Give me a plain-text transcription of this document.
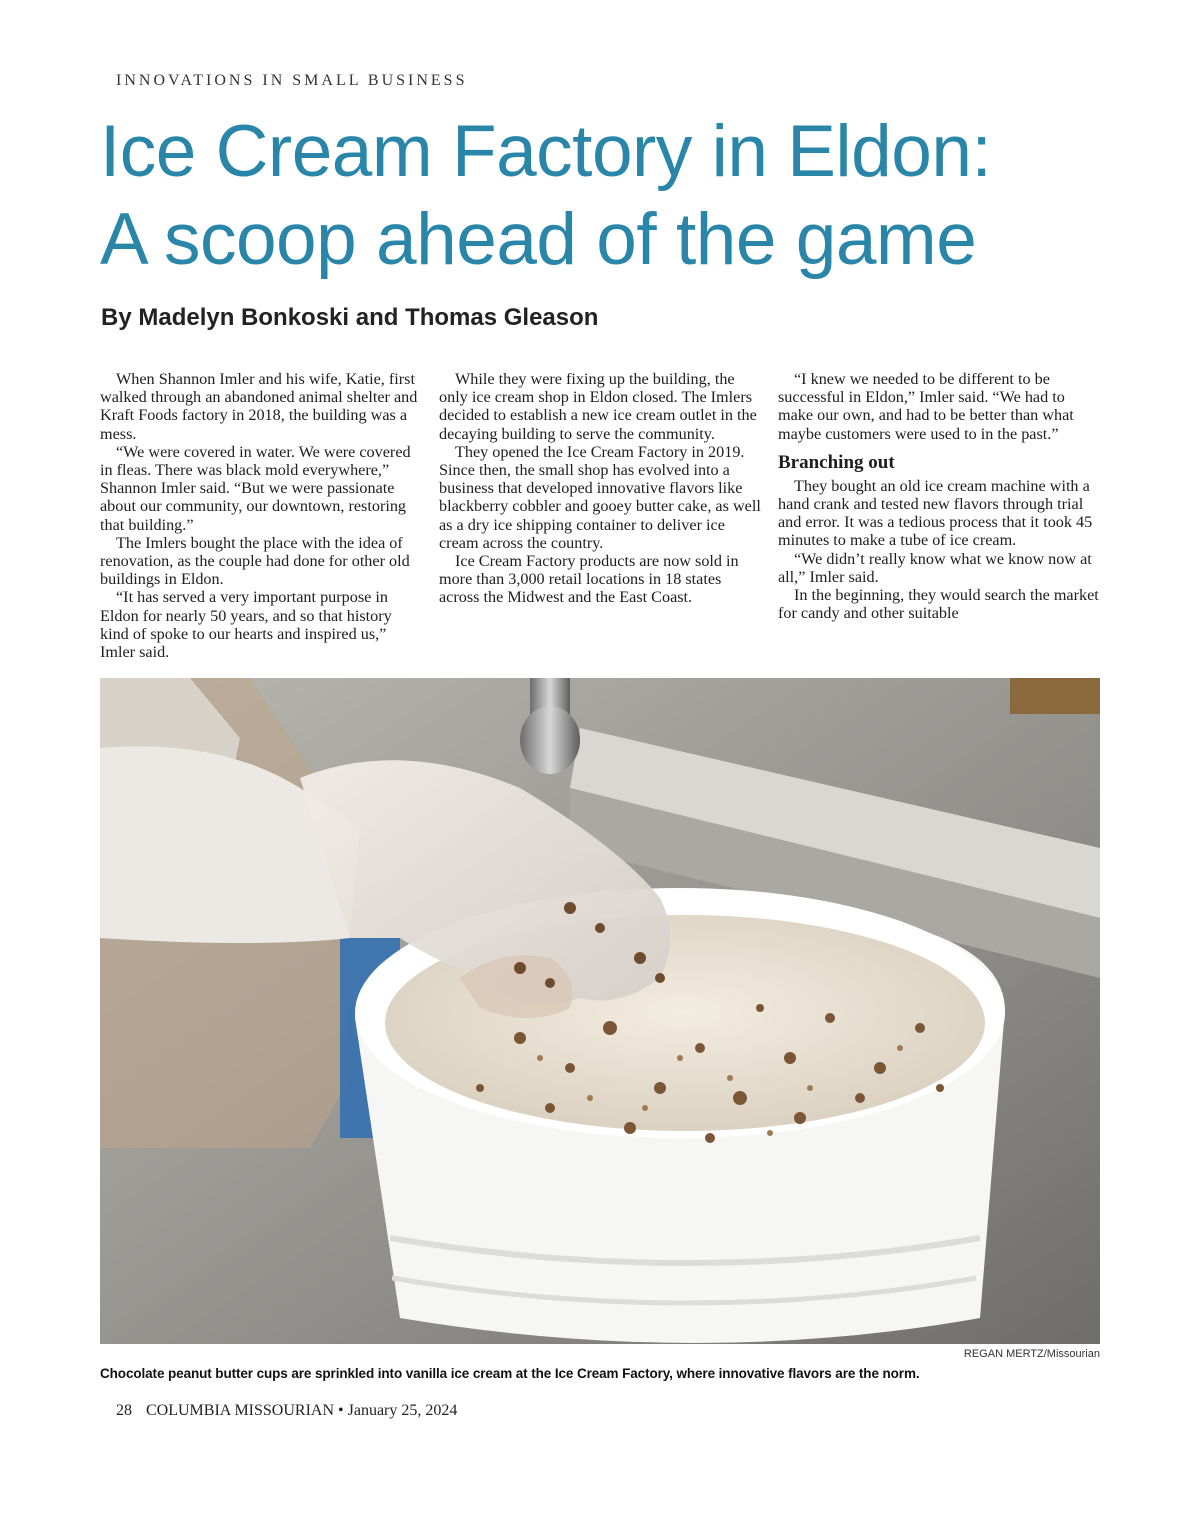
INNOVATIONS IN SMALL BUSINESS
Ice Cream Factory in Eldon:
A scoop ahead of the game
By Madelyn Bonkoski and Thomas Gleason

When Shannon Imler and his wife, Katie, first walked through an abandoned animal shelter and Kraft Foods factory in 2018, the building was a mess.

“We were covered in water. We were covered in fleas. There was black mold everywhere,” Shannon Imler said. “But we were passionate about our community, our downtown, restoring that building.”

The Imlers bought the place with the idea of renovation, as the couple had done for other old buildings in Eldon.

“It has served a very important purpose in Eldon for nearly 50 years, and so that history kind of spoke to our hearts and inspired us,” Imler said.

While they were fixing up the building, the only ice cream shop in Eldon closed. The Imlers decided to establish a new ice cream outlet in the decaying building to serve the community.

They opened the Ice Cream Factory in 2019. Since then, the small shop has evolved into a business that developed innovative flavors like blackberry cobbler and gooey butter cake, as well as a dry ice shipping container to deliver ice cream across the country.

Ice Cream Factory products are now sold in more than 3,000 retail locations in 18 states across the Midwest and the East Coast.

“I knew we needed to be different to be successful in Eldon,” Imler said. “We had to make our own, and had to be better than what maybe customers were used to in the past.”

Branching out

They bought an old ice cream machine with a hand crank and tested new flavors through trial and error. It was a tedious process that it took 45 minutes to make a tube of ice cream.

“We didn’t really know what we know now at all,” Imler said.

In the beginning, they would search the market for candy and other suitable

REGAN MERTZ/Missourian
Chocolate peanut butter cups are sprinkled into vanilla ice cream at the Ice Cream Factory, where innovative flavors are the norm.
28 COLUMBIA MISSOURIAN • January 25, 2024
